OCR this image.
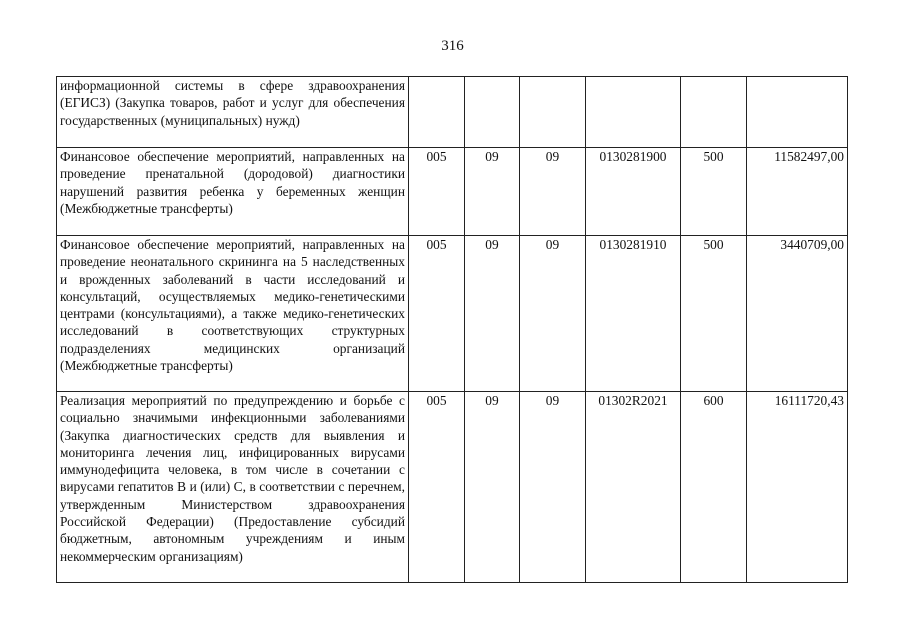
316
информационной системы в сфере здравоохранения (ЕГИСЗ) (Закупка товаров, работ и услуг для обеспечения государственных (муниципальных) нужд)						
Финансовое обеспечение мероприятий, направленных на проведение пренатальной (дородовой) диагностики нарушений развития ребенка у беременных женщин (Межбюджетные трансферты)	005	09	09	0130281900	500	11582497,00
Финансовое обеспечение мероприятий, направленных на проведение неонатального скрининга на 5 наследственных и врожденных заболеваний в части исследований и консультаций, осуществляемых медико-генетическими центрами (консультациями), а также медико-генетических исследований в соответствующих структурных подразделениях медицинских организаций (Межбюджетные трансферты)	005	09	09	0130281910	500	3440709,00
Реализация мероприятий по предупреждению и борьбе с социально значимыми инфекционными заболеваниями (Закупка диагностических средств для выявления и мониторинга лечения лиц, инфицированных вирусами иммунодефицита человека, в том числе в сочетании с вирусами гепатитов В и (или) С, в соответствии с перечнем, утвержденным Министерством здравоохранения Российской Федерации) (Предоставление субсидий бюджетным, автономным учреждениям и иным некоммерческим организациям)	005	09	09	01302R2021	600	16111720,43
